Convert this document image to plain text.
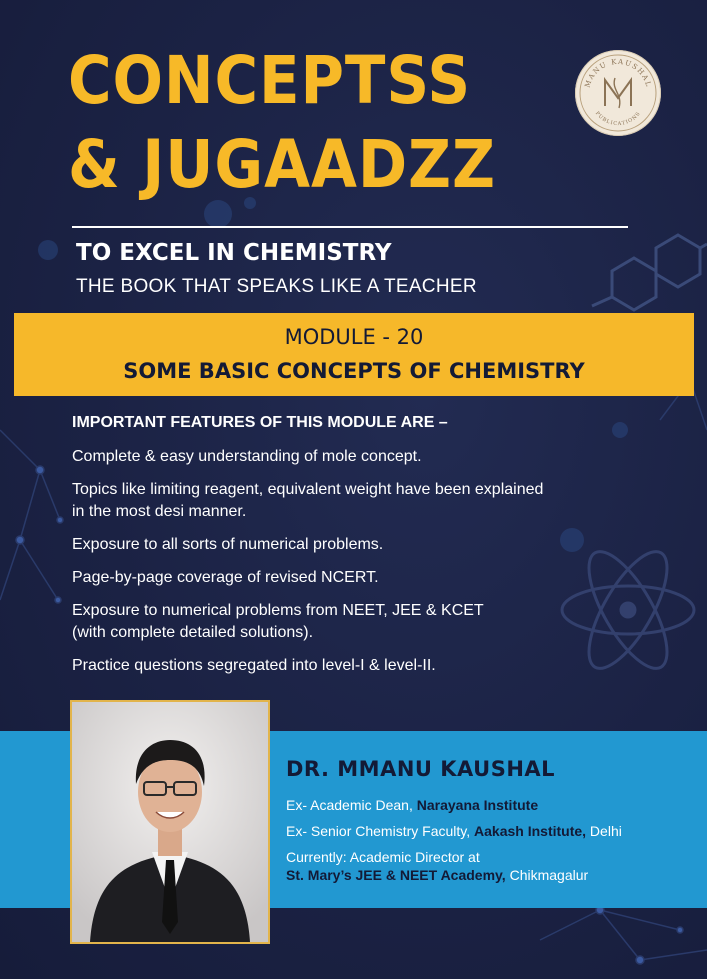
CONCEPTSS
& JUGAADZZ
MANU KAUSHAL
PUBLICATIONS
TO EXCEL IN CHEMISTRY
THE BOOK THAT SPEAKS LIKE A TEACHER
MODULE - 20
SOME BASIC CONCEPTS OF CHEMISTRY

IMPORTANT FEATURES OF THIS MODULE ARE –

Complete & easy understanding of mole concept.
Topics like limiting reagent, equivalent weight have been explained
in the most desi manner.
Exposure to all sorts of numerical problems.
Page-by-page coverage of revised NCERT.
Exposure to numerical problems from NEET, JEE & KCET
(with complete detailed solutions).
Practice questions segregated into level-I & level-II.
DR. MMANU KAUSHAL
Ex- Academic Dean, Narayana Institute
Ex- Senior Chemistry Faculty, Aakash Institute, Delhi
Currently: Academic Director at
St. Mary’s JEE & NEET Academy, Chikmagalur
